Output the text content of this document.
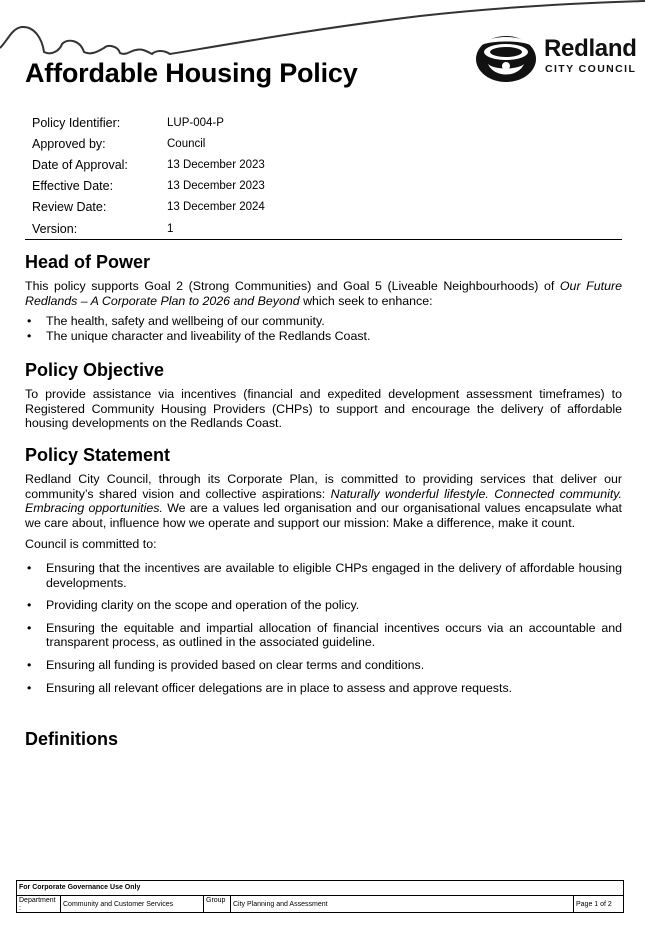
Redland
CITY COUNCIL
Affordable Housing Policy
Policy Identifier:	LUP-004-P
Approved by:	Council
Date of Approval:	13 December 2023
Effective Date:	13 December 2023
Review Date:	13 December 2024
Version:	1
Head of Power

This policy supports Goal 2 (Strong Communities) and Goal 5 (Liveable Neighbourhoods) of Our Future Redlands – A Corporate Plan to 2026 and Beyond which seek to enhance:

• The health, safety and wellbeing of our community.
• The unique character and liveability of the Redlands Coast.
Policy Objective

To provide assistance via incentives (financial and expedited development assessment timeframes) to Registered Community Housing Providers (CHPs) to support and encourage the delivery of affordable housing developments on the Redlands Coast.

Policy Statement

Redland City Council, through its Corporate Plan, is committed to providing services that deliver our community’s shared vision and collective aspirations: Naturally wonderful lifestyle. Connected community. Embracing opportunities. We are a values led organisation and our organisational values encapsulate what we care about, influence how we operate and support our mission: Make a difference, make it count.

Council is committed to:

• Ensuring that the incentives are available to eligible CHPs engaged in the delivery of affordable housing developments.
• Providing clarity on the scope and operation of the policy.
• Ensuring the equitable and impartial allocation of financial incentives occurs via an accountable and transparent process, as outlined in the associated guideline.
• Ensuring all funding is provided based on clear terms and conditions.
• Ensuring all relevant officer delegations are in place to assess and approve requests.
Definitions
For Corporate Governance Use Only
Department
:
Community and Customer Services
Group
City Planning and Assessment	Page 1 of 2
